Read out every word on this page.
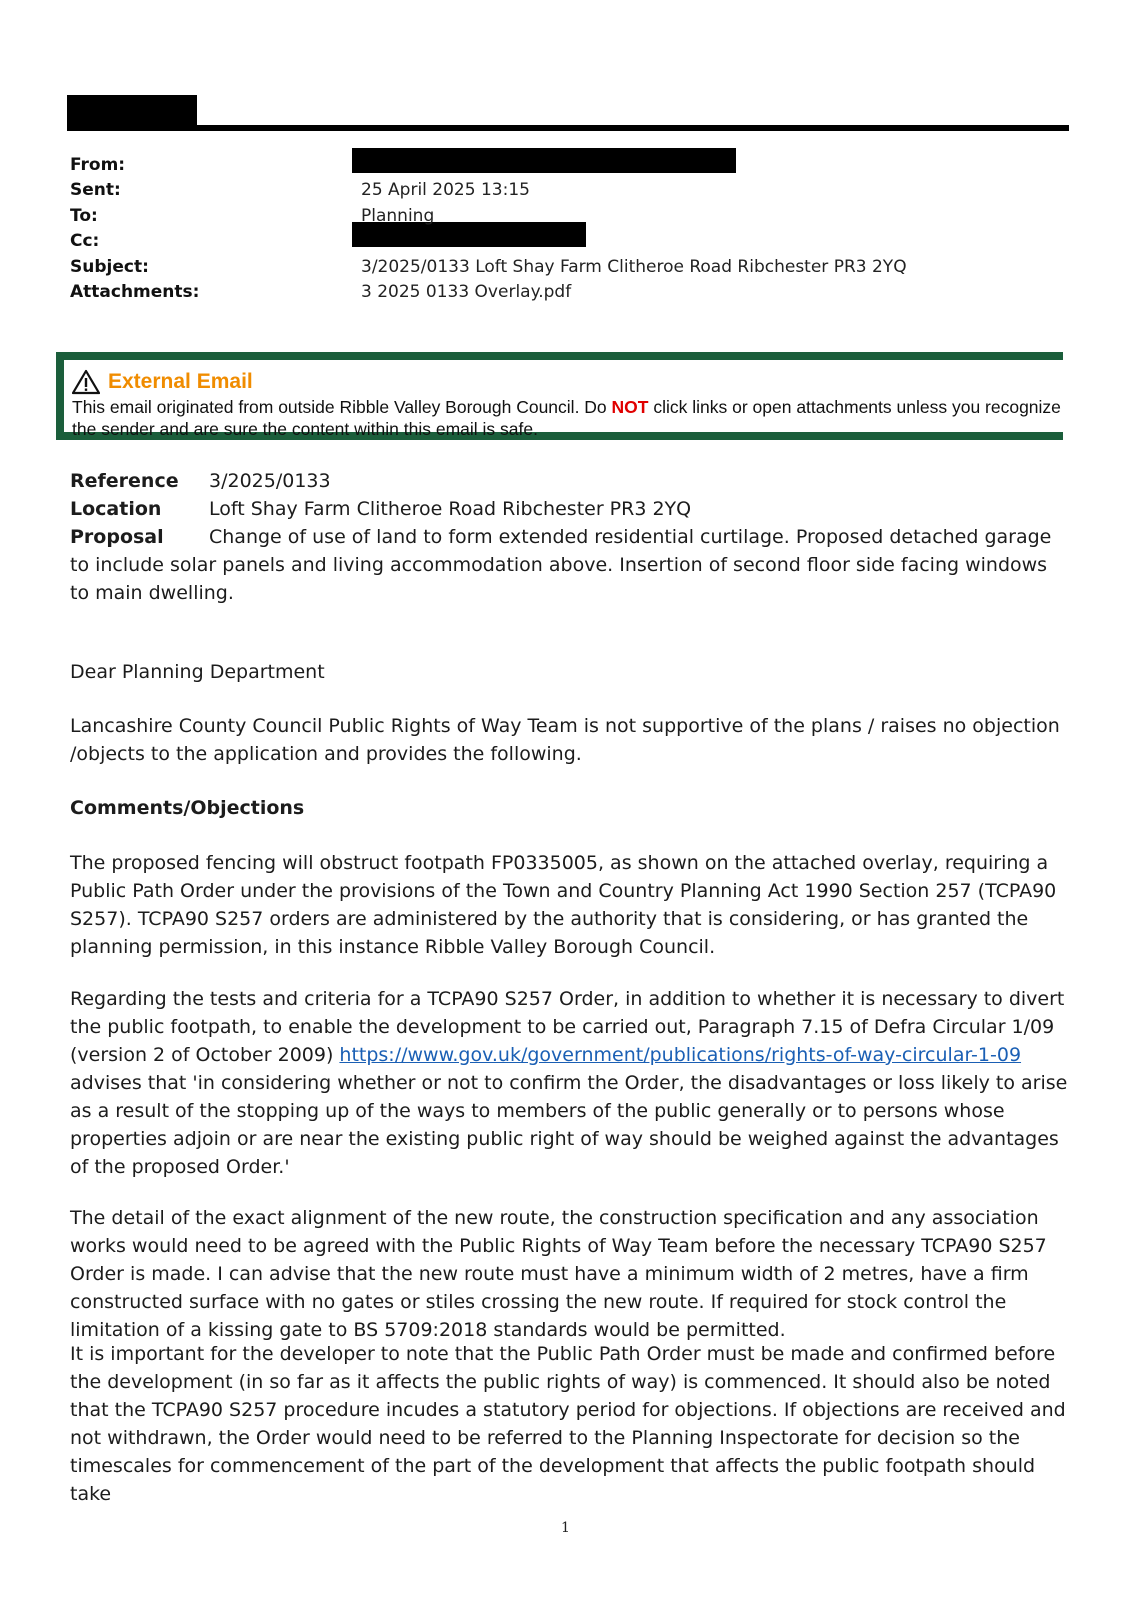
From:
Sent:	25 April 2025 13:15
To:	Planning
Cc:
Subject:	3/2025/0133 Loft Shay Farm Clitheroe Road Ribchester PR3 2YQ
Attachments:	3 2025 0133 Overlay.pdf
External Email
This email originated from outside Ribble Valley Borough Council. Do NOT click links or open attachments unless you recognize the sender and are sure the content within this email is safe.
Reference	3/2025/0133
Location	Loft Shay Farm Clitheroe Road Ribchester PR3 2YQ
Proposal Change of use of land to form extended residential curtilage. Proposed detached garage to include solar panels and living accommodation above. Insertion of second floor side facing windows to main dwelling.
Dear Planning Department
Lancashire County Council Public Rights of Way Team is not supportive of the plans / raises no objection /objects to the application and provides the following.
Comments/Objections
The proposed fencing will obstruct footpath FP0335005, as shown on the attached overlay, requiring a Public Path Order under the provisions of the Town and Country Planning Act 1990 Section 257 (TCPA90 S257). TCPA90 S257 orders are administered by the authority that is considering, or has granted the planning permission, in this instance Ribble Valley Borough Council.
Regarding the tests and criteria for a TCPA90 S257 Order, in addition to whether it is necessary to divert the public footpath, to enable the development to be carried out, Paragraph 7.15 of Defra Circular 1/09 (version 2 of October 2009) https://www.gov.uk/government/publications/rights-of-way-circular-1-09 advises that 'in considering whether or not to confirm the Order, the disadvantages or loss likely to arise as a result of the stopping up of the ways to members of the public generally or to persons whose properties adjoin or are near the existing public right of way should be weighed against the advantages of the proposed Order.'
The detail of the exact alignment of the new route, the construction specification and any association works would need to be agreed with the Public Rights of Way Team before the necessary TCPA90 S257 Order is made. I can advise that the new route must have a minimum width of 2 metres, have a firm constructed surface with no gates or stiles crossing the new route. If required for stock control the limitation of a kissing gate to BS 5709:2018 standards would be permitted.
It is important for the developer to note that the Public Path Order must be made and confirmed before the development (in so far as it affects the public rights of way) is commenced. It should also be noted that the TCPA90 S257 procedure incudes a statutory period for objections. If objections are received and not withdrawn, the Order would need to be referred to the Planning Inspectorate for decision so the timescales for commencement of the part of the development that affects the public footpath should take
1
